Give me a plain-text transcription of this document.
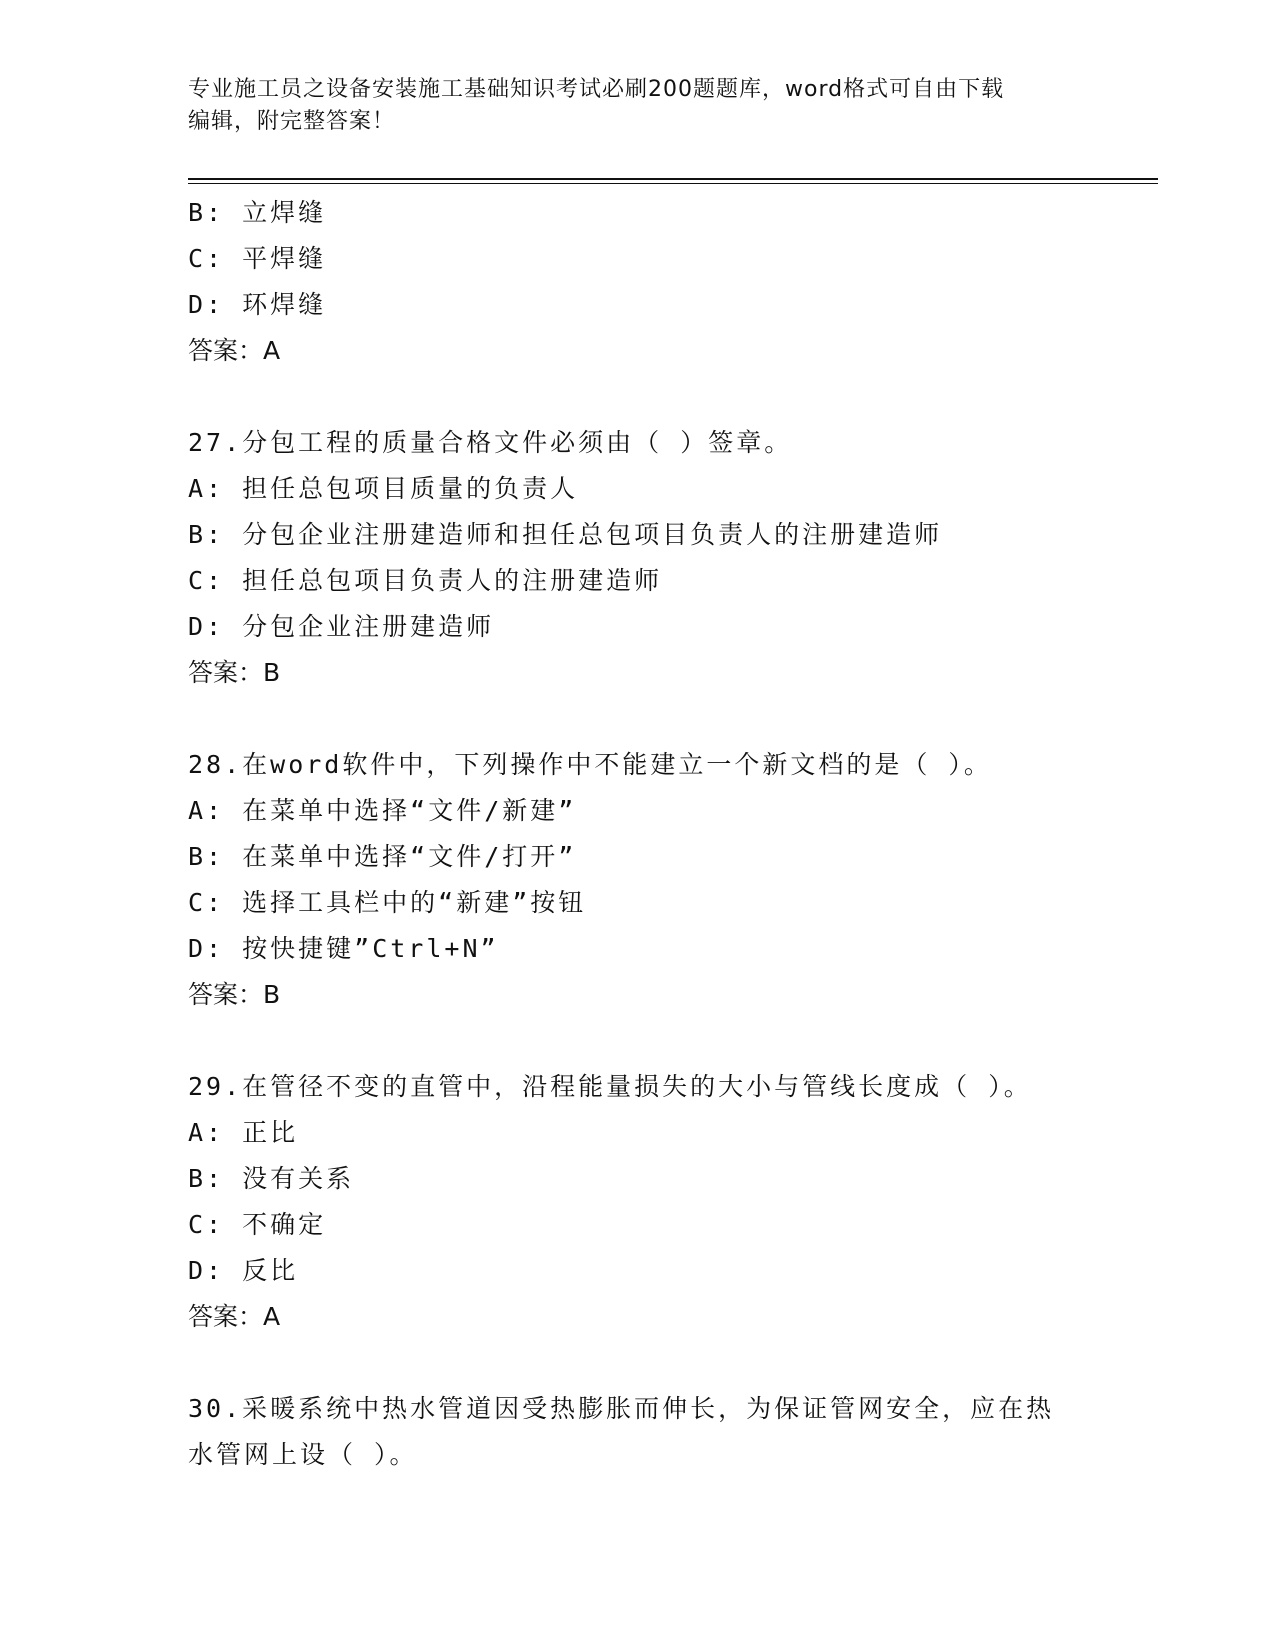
专业施工员之设备安装施工基础知识考试必刷200题题库，word格式可自由下载
编辑，附完整答案！
B: 立焊缝
C: 平焊缝
D: 环焊缝
答案：A
27.分包工程的质量合格文件必须由（ ）签章。
A: 担任总包项目质量的负责人
B: 分包企业注册建造师和担任总包项目负责人的注册建造师
C: 担任总包项目负责人的注册建造师
D: 分包企业注册建造师
答案：B
28.在word软件中，下列操作中不能建立一个新文档的是（ ）。
A: 在菜单中选择“文件/新建”
B: 在菜单中选择“文件/打开”
C: 选择工具栏中的“新建”按钮
D: 按快捷键”Ctrl+N”
答案：B
29.在管径不变的直管中，沿程能量损失的大小与管线长度成（ ）。
A: 正比
B: 没有关系
C: 不确定
D: 反比
答案：A
30.采暖系统中热水管道因受热膨胀而伸长，为保证管网安全，应在热
水管网上设（ ）。
